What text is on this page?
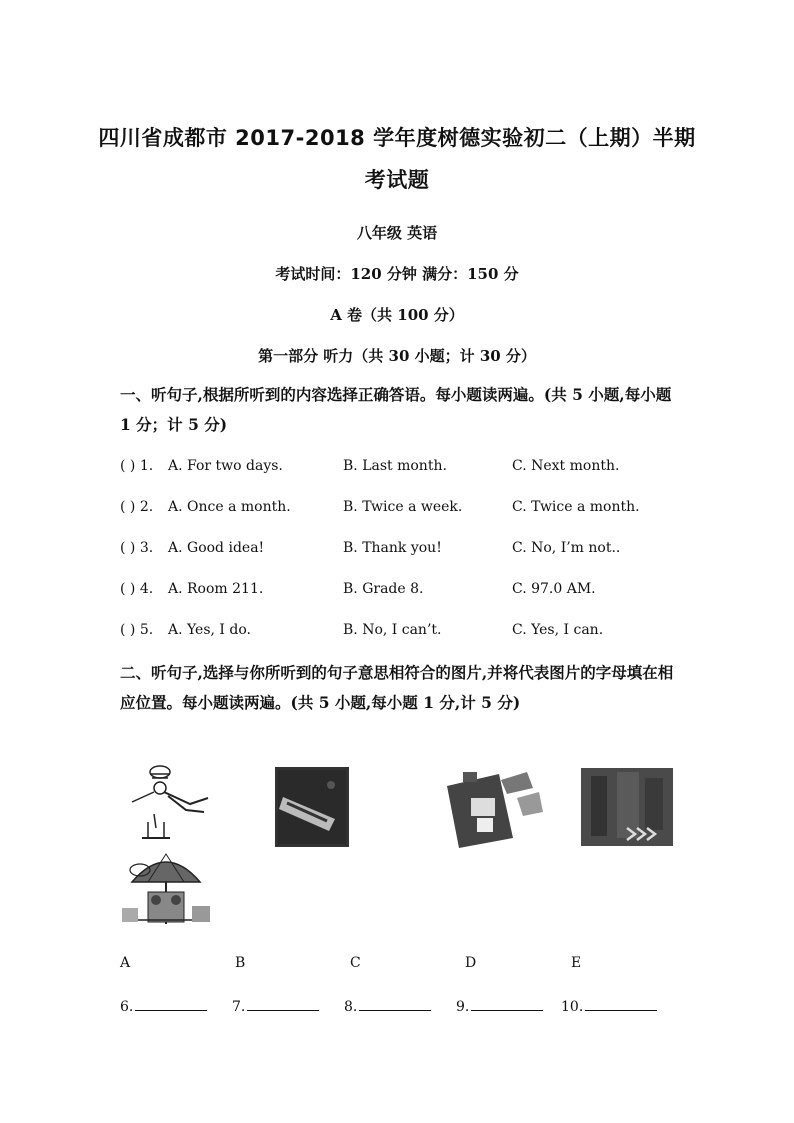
四川省成都市 2017-2018 学年度树德实验初二（上期）半期
考试题
八年级 英语
考试时间：120 分钟 满分：150 分
A 卷（共 100 分）
第一部分 听力（共 30 小题；计 30 分）
一、听句子,根据所听到的内容选择正确答语。每小题读两遍。(共 5 小题,每小题 1 分；计 5 分)
( ) 1. A. For two days.	B. Last month.	C. Next month.
( ) 2. A. Once a month.	B. Twice a week.	C. Twice a month.
( ) 3. A. Good idea!	B. Thank you!	C. No, I’m not..
( ) 4. A. Room 211.	B. Grade 8.	C. 97.0 AM.
( ) 5. A. Yes, I do.	B. No, I can’t.	C. Yes, I can.
二、听句子,选择与你所听到的句子意思相符合的图片,并将代表图片的字母填在相应位置。每小题读两遍。(共 5 小题,每小题 1 分,计 5 分)
A	B	C	D	E
6.	7.	8.	9.	10.
